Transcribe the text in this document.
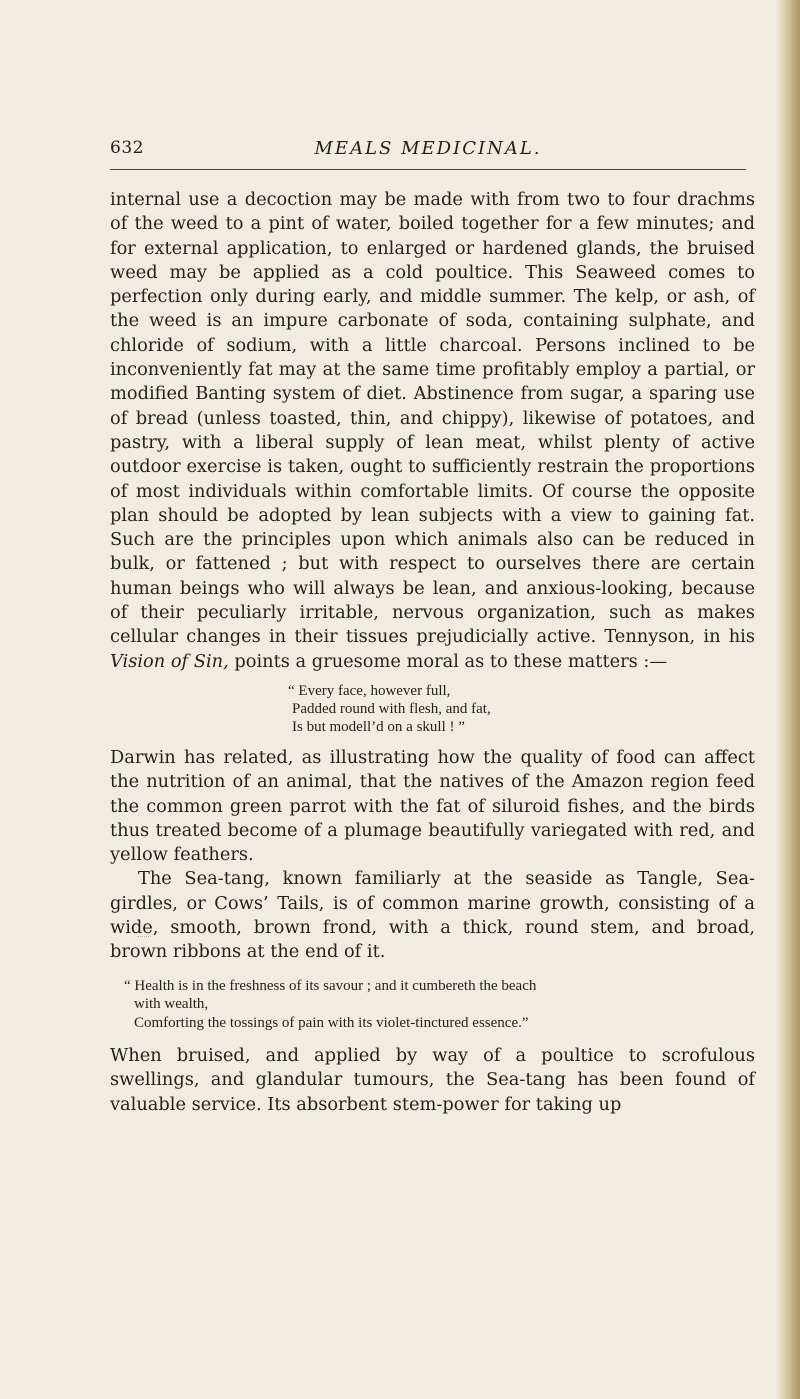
632	MEALS MEDICINAL.

internal use a decoction may be made with from two to four drachms of the weed to a pint of water, boiled together for a few minutes; and for external application, to enlarged or hardened glands, the bruised weed may be applied as a cold poultice. This Seaweed comes to perfection only during early, and middle summer. The kelp, or ash, of the weed is an impure carbonate of soda, containing sulphate, and chloride of sodium, with a little charcoal. Persons inclined to be inconveniently fat may at the same time profitably employ a partial, or modified Banting system of diet. Abstinence from sugar, a sparing use of bread (unless toasted, thin, and chippy), likewise of potatoes, and pastry, with a liberal supply of lean meat, whilst plenty of active outdoor exercise is taken, ought to sufficiently restrain the proportions of most individuals within comfortable limits. Of course the opposite plan should be adopted by lean subjects with a view to gaining fat. Such are the principles upon which animals also can be reduced in bulk, or fattened ; but with respect to ourselves there are certain human beings who will always be lean, and anxious-looking, because of their peculiarly irritable, nervous organization, such as makes cellular changes in their tissues prejudicially active. Tennyson, in his Vision of Sin, points a gruesome moral as to these matters :—

“ Every face, however full,
Padded round with flesh, and fat,
Is but modell’d on a skull ! ”

Darwin has related, as illustrating how the quality of food can affect the nutrition of an animal, that the natives of the Amazon region feed the common green parrot with the fat of siluroid fishes, and the birds thus treated become of a plumage beautifully variegated with red, and yellow feathers.

The Sea-tang, known familiarly at the seaside as Tangle, Sea-girdles, or Cows’ Tails, is of common marine growth, consisting of a wide, smooth, brown frond, with a thick, round stem, and broad, brown ribbons at the end of it.

“ Health is in the freshness of its savour ; and it cumbereth the beach
with wealth,
Comforting the tossings of pain with its violet-tinctured essence.”

When bruised, and applied by way of a poultice to scrofulous swellings, and glandular tumours, the Sea-tang has been found of valuable service. Its absorbent stem-power for taking up
